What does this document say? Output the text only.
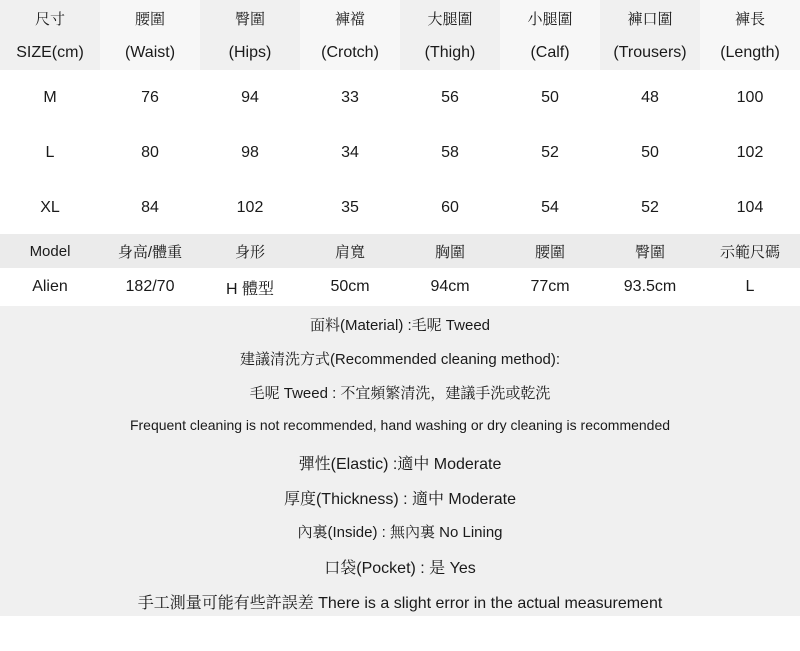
尺寸	腰圍	臀圍	褲襠	大腿圍	小腿圍	褲口圍	褲長
SIZE(cm)	(Waist)	(Hips)	(Crotch)	(Thigh)	(Calf)	(Trousers)	(Length)
M	76	94	33	56	50	48	100
L	80	98	34	58	52	50	102
XL	84	102	35	60	54	52	104
Model	身高/體重	身形	肩寬	胸圍	腰圍	臀圍	示範尺碼
Alien	182/70	H 體型	50cm	94cm	77cm	93.5cm	L
面料(Material) :毛呢 Tweed
建議清洗方式(Recommended cleaning method):
毛呢 Tweed : 不宜頻繁清洗，建議手洗或乾洗
Frequent cleaning is not recommended, hand washing or dry cleaning is recommended
彈性(Elastic) :適中 Moderate
厚度(Thickness) : 適中 Moderate
內裏(Inside) : 無內裏 No Lining
口袋(Pocket) : 是 Yes
手工測量可能有些許誤差 There is a slight error in the actual measurement
